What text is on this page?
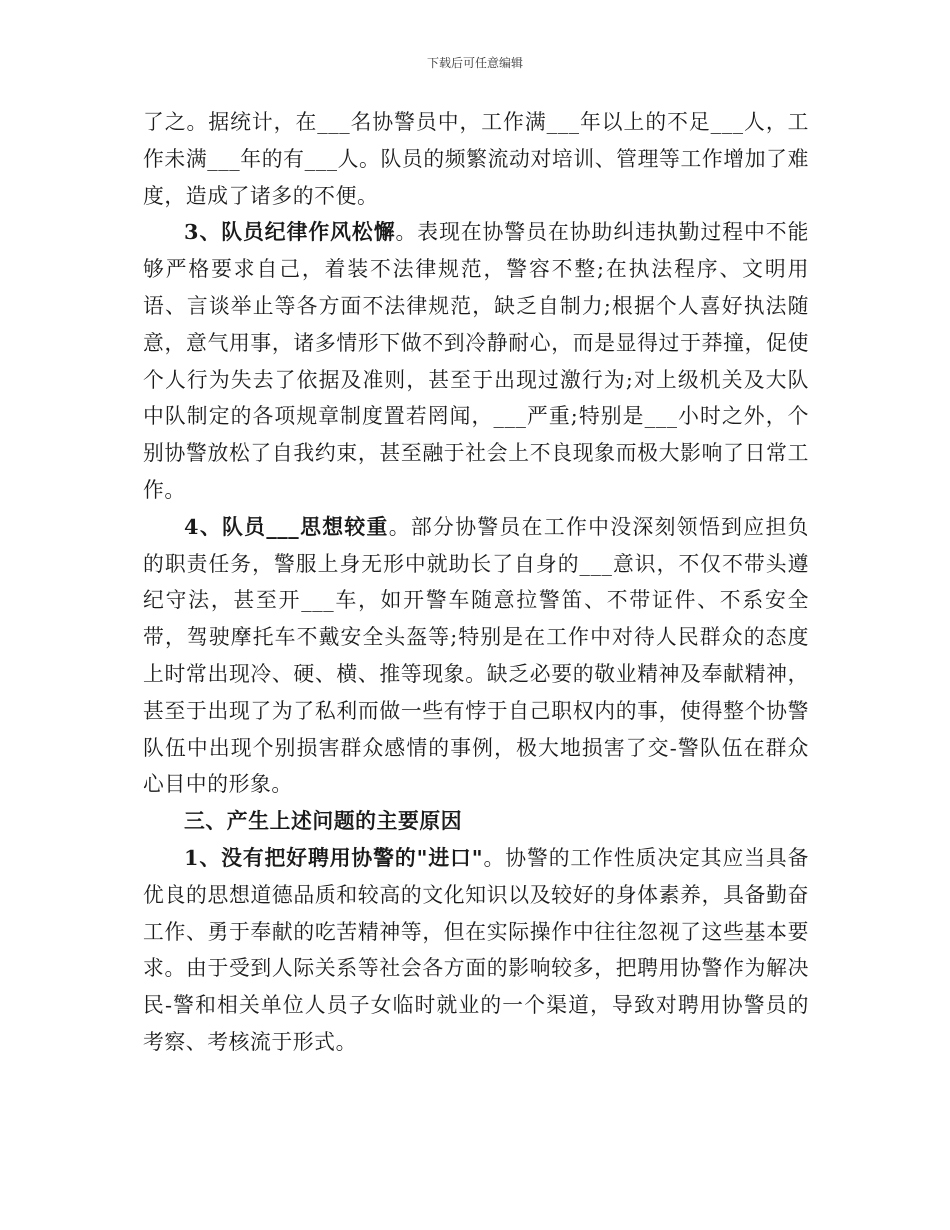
下载后可任意编辑

了之。据统计，在___名协警员中，工作满___年以上的不足___人，工作未满___年的有___人。队员的频繁流动对培训、管理等工作增加了难度，造成了诸多的不便。

3、队员纪律作风松懈。表现在协警员在协助纠违执勤过程中不能够严格要求自己，着装不法律规范，警容不整;在执法程序、文明用语、言谈举止等各方面不法律规范，缺乏自制力;根据个人喜好执法随意，意气用事，诸多情形下做不到冷静耐心，而是显得过于莽撞，促使个人行为失去了依据及准则，甚至于出现过激行为;对上级机关及大队中队制定的各项规章制度置若罔闻，___严重;特别是___小时之外，个别协警放松了自我约束，甚至融于社会上不良现象而极大影响了日常工作。

4、队员___思想较重。部分协警员在工作中没深刻领悟到应担负的职责任务，警服上身无形中就助长了自身的___意识，不仅不带头遵纪守法，甚至开___车，如开警车随意拉警笛、不带证件、不系安全带，驾驶摩托车不戴安全头盔等;特别是在工作中对待人民群众的态度上时常出现冷、硬、横、推等现象。缺乏必要的敬业精神及奉献精神，甚至于出现了为了私利而做一些有悖于自己职权内的事，使得整个协警队伍中出现个别损害群众感情的事例，极大地损害了交-警队伍在群众心目中的形象。

三、产生上述问题的主要原因

1、没有把好聘用协警的"进口"。协警的工作性质决定其应当具备优良的思想道德品质和较高的文化知识以及较好的身体素养，具备勤奋工作、勇于奉献的吃苦精神等，但在实际操作中往往忽视了这些基本要求。由于受到人际关系等社会各方面的影响较多，把聘用协警作为解决民-警和相关单位人员子女临时就业的一个渠道，导致对聘用协警员的考察、考核流于形式。
